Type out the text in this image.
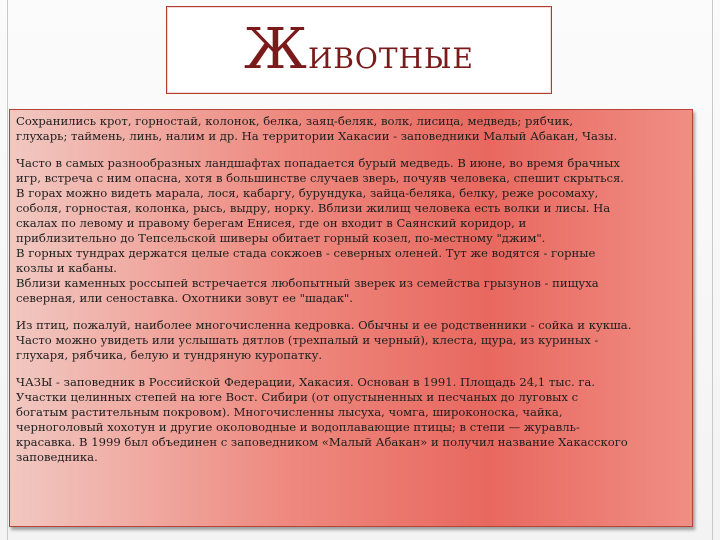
Ж ивотные
Сохранились крот, горностай, колонок, белка, заяц-беляк, волк, лисица, медведь; рябчик,
глухарь; таймень, линь, налим и др. На территории Хакасии - заповедники Малый Абакан, Чазы.
Часто в самых разнообразных ландшафтах попадается бурый медведь. В июне, во время брачных
игр, встреча с ним опасна, хотя в большинстве случаев зверь, почуяв человека, спешит скрыться.
В горах можно видеть марала, лося, кабаргу, бурундука, зайца-беляка, белку, реже росомаху,
соболя, горностая, колонка, рысь, выдру, норку. Вблизи жилищ человека есть волки и лисы. На
скалах по левому и правому берегам Енисея, где он входит в Саянский коридор, и
приблизительно до Тепсельской шиверы обитает горный козел, по-местному "джим".
В горных тундрах держатся целые стада сокжоев - северных оленей. Тут же водятся - горные
козлы и кабаны.
Вблизи каменных россыпей встречается любопытный зверек из семейства грызунов - пищуха
северная, или сеноставка. Охотники зовут ее "шадак".
Из птиц, пожалуй, наиболее многочисленна кедровка. Обычны и ее родственники - сойка и кукша.
Часто можно увидеть или услышать дятлов (трехпалый и черный), клеста, щура, из куриных -
глухаря, рябчика, белую и тундряную куропатку.
ЧАЗЫ - заповедник в Российской Федерации, Хакасия. Основан в 1991. Площадь 24,1 тыс. га.
Участки целинных степей на юге Вост. Сибири (от опустыненных и песчаных до луговых с
богатым растительным покровом). Многочисленны лысуха, чомга, широконоска, чайка,
черноголовый хохотун и другие околоводные и водоплавающие птицы; в степи — журавль-
красавка. В 1999 был объединен с заповедником «Малый Абакан» и получил название Хакасского
заповедника.
